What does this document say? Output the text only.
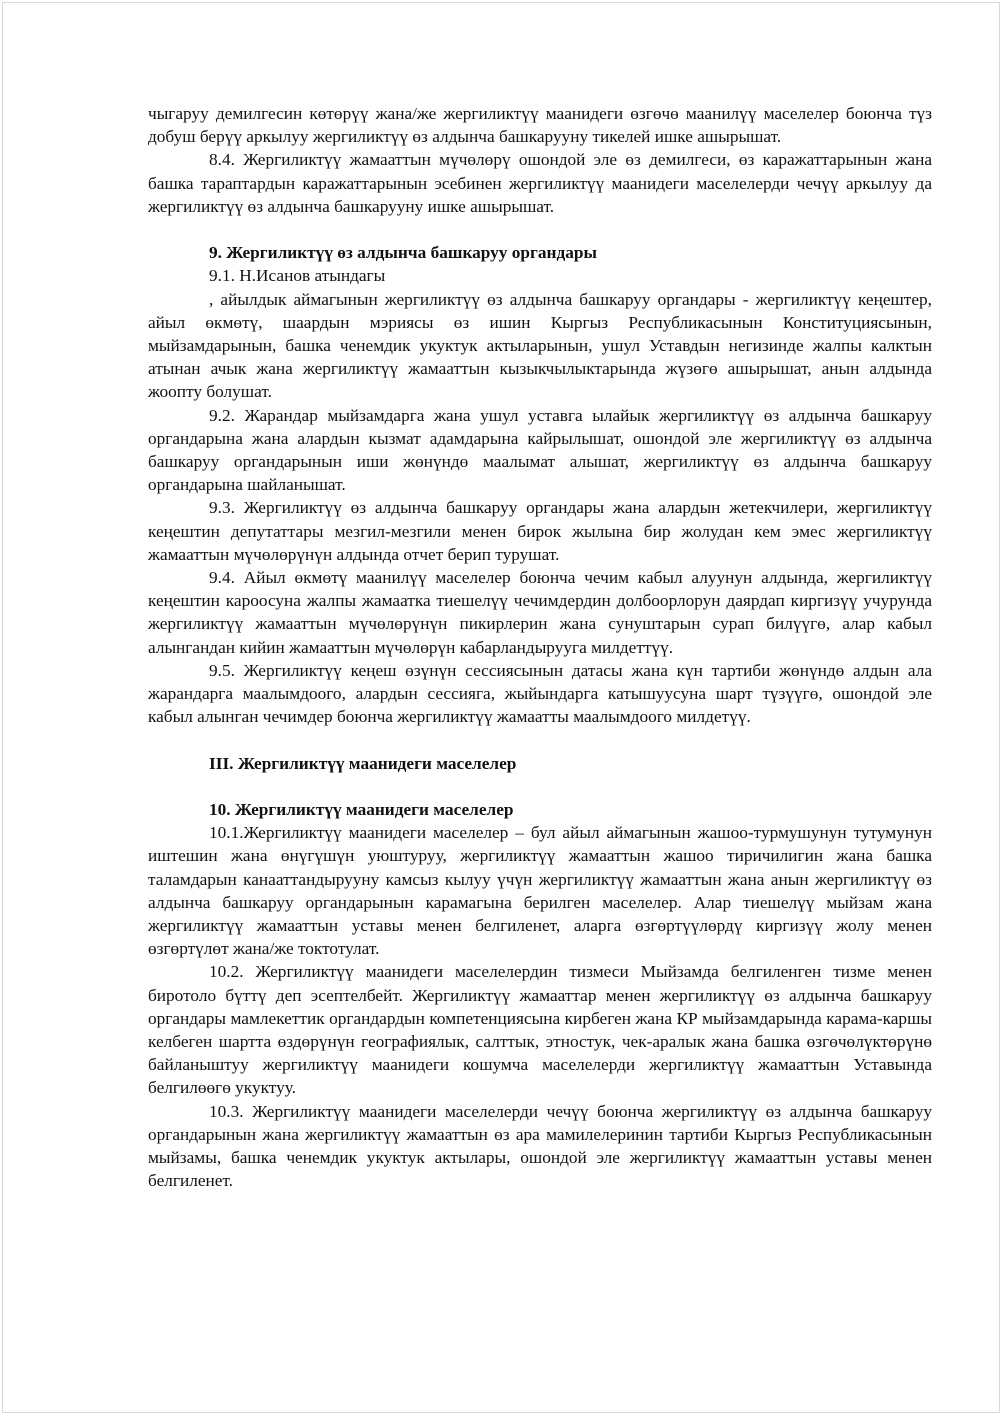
чыгаруу демилгесин көтөрүү жана/же жергиликтүү маанидеги өзгөчө маанилүү маселелер боюнча түз добуш берүү аркылуу жергиликтүү өз алдынча башкарууну тикелей ишке ашырышат.

8.4. Жергиликтүү жамааттын мүчөлөрү ошондой эле өз демилгеси, өз каражаттарынын жана башка тараптардын каражаттарынын эсебинен жергиликтүү маанидеги маселелерди чечүү аркылуу да жергиликтүү өз алдынча башкарууну ишке ашырышат.

9. Жергиликтүү өз алдынча башкаруу органдары

9.1. Н.Исанов атындагы

, айылдык аймагынын жергиликтүү өз алдынча башкаруу органдары - жергиликтүү кеңештер, айыл өкмөтү, шаардын мэриясы өз ишин Кыргыз Республикасынын Конституциясынын, мыйзамдарынын, башка ченемдик укуктук актыларынын, ушул Уставдын негизинде жалпы калктын атынан ачык жана жергиликтүү жамааттын кызыкчылыктарында жүзөгө ашырышат, анын алдында жоопту болушат.

9.2. Жарандар мыйзамдарга жана ушул уставга ылайык жергиликтүү өз алдынча башкаруу органдарына жана алардын кызмат адамдарына кайрылышат, ошондой эле жергиликтүү өз алдынча башкаруу органдарынын иши жөнүндө маалымат алышат, жергиликтүү өз алдынча башкаруу органдарына шайланышат.

9.3. Жергиликтүү өз алдынча башкаруу органдары жана алардын жетекчилери, жергиликтүү кеңештин депутаттары мезгил-мезгили менен бирок жылына бир жолудан кем эмес жергиликтүү жамааттын мүчөлөрүнүн алдында отчет берип турушат.

9.4. Айыл өкмөтү маанилүү маселелер боюнча чечим кабыл алуунун алдында, жергиликтүү кеңештин кароосуна жалпы жамаатка тиешелүү чечимдердин долбоорлорун даярдап киргизүү учурунда жергиликтүү жамааттын мүчөлөрүнүн пикирлерин жана сунуштарын сурап билүүгө, алар кабыл алынгандан кийин жамааттын мүчөлөрүн кабарландырууга милдеттүү.

9.5. Жергиликтүү кеңеш өзүнүн сессиясынын датасы жана күн тартиби жөнүндө алдын ала жарандарга маалымдоого, алардын сессияга, жыйындарга катышуусуна шарт түзүүгө, ошондой эле кабыл алынган чечимдер боюнча жергиликтүү жамаатты маалымдоого милдетүү.

III. Жергиликтүү маанидеги маселелер

10. Жергиликтүү маанидеги маселелер

10.1.Жергиликтүү маанидеги маселелер – бул айыл аймагынын жашоо-турмушунун тутумунун иштешин жана өнүгүшүн уюштуруу, жергиликтүү жамааттын жашоо тиричилигин жана башка таламдарын канааттандырууну камсыз кылуу үчүн жергиликтүү жамааттын жана анын жергиликтүү өз алдынча башкаруу органдарынын карамагына берилген маселелер. Алар тиешелүү мыйзам жана жергиликтүү жамааттын уставы менен белгиленет, аларга өзгөртүүлөрдү киргизүү жолу менен өзгөртүлөт жана/же токтотулат.

10.2. Жергиликтүү маанидеги маселелердин тизмеси Мыйзамда белгиленген тизме менен биротоло бүттү деп эсептелбейт. Жергиликтүү жамааттар менен жергиликтүү өз алдынча башкаруу органдары мамлекеттик органдардын компетенциясына кирбеген жана КР мыйзамдарында карама-каршы келбеген шартта өздөрүнүн географиялык, салттык, этностук, чек-аралык жана башка өзгөчөлүктөрүнө байланыштуу жергиликтүү маанидеги кошумча маселелерди жергиликтүү жамааттын Уставында белгилөөгө укуктуу.

10.3. Жергиликтүү маанидеги маселелерди чечүү боюнча жергиликтүү өз алдынча башкаруу органдарынын жана жергиликтүү жамааттын өз ара мамилелеринин тартиби Кыргыз Республикасынын мыйзамы, башка ченемдик укуктук актылары, ошондой эле жергиликтүү жамааттын уставы менен белгиленет.
